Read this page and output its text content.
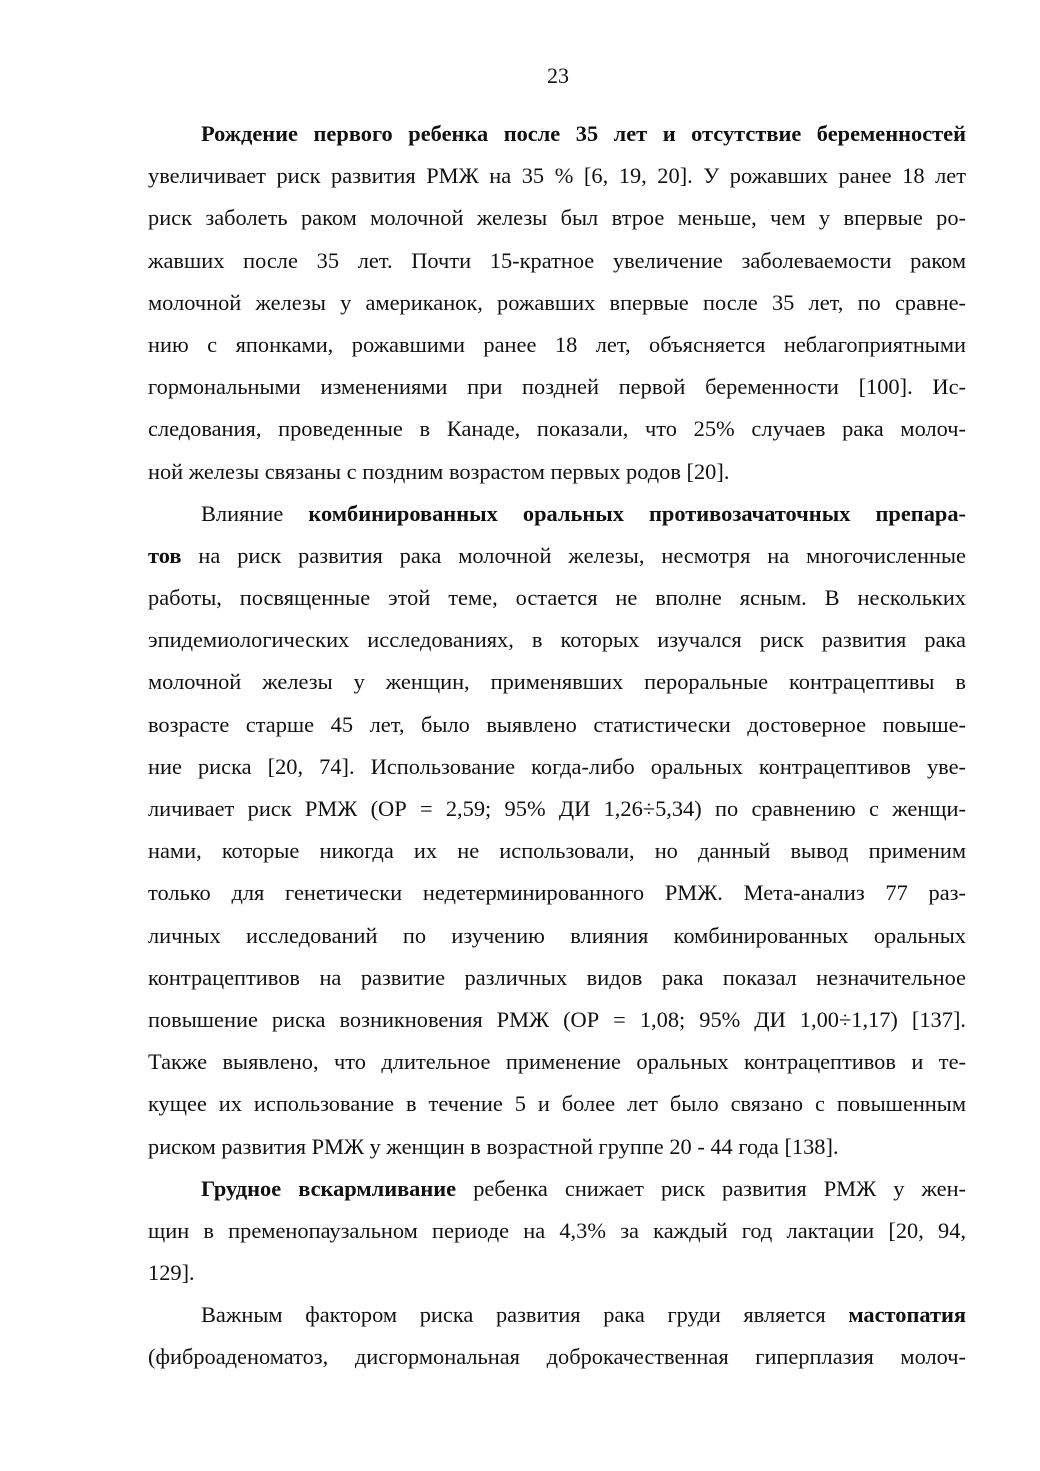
23
Рождение первого ребенка после 35 лет и отсутствие беременностей
увеличивает риск развития РМЖ на 35 % [6, 19, 20]. У рожавших ранее 18 лет
риск заболеть раком молочной железы был втрое меньше, чем у впервые ро-
жавших после 35 лет. Почти 15-кратное увеличение заболеваемости раком
молочной железы у американок, рожавших впервые после 35 лет, по сравне-
нию с японками, рожавшими ранее 18 лет, объясняется неблагоприятными
гормональными изменениями при поздней первой беременности [100]. Ис-
следования, проведенные в Канаде, показали, что 25% случаев рака молоч-
ной железы связаны с поздним возрастом первых родов [20].
Влияние комбинированных оральных противозачаточных препара-
тов на риск развития рака молочной железы, несмотря на многочисленные
работы, посвященные этой теме, остается не вполне ясным. В нескольких
эпидемиологических исследованиях, в которых изучался риск развития рака
молочной железы у женщин, применявших пероральные контрацептивы в
возрасте старше 45 лет, было выявлено статистически достоверное повыше-
ние риска [20, 74]. Использование когда-либо оральных контрацептивов уве-
личивает риск РМЖ (ОР = 2,59; 95% ДИ 1,26÷5,34) по сравнению с женщи-
нами, которые никогда их не использовали, но данный вывод применим
только для генетически недетерминированного РМЖ. Мета-анализ 77 раз-
личных исследований по изучению влияния комбинированных оральных
контрацептивов на развитие различных видов рака показал незначительное
повышение риска возникновения РМЖ (ОР = 1,08; 95% ДИ 1,00÷1,17) [137].
Также выявлено, что длительное применение оральных контрацептивов и те-
кущее их использование в течение 5 и более лет было связано с повышенным
риском развития РМЖ у женщин в возрастной группе 20 - 44 года [138].
Грудное вскармливание ребенка снижает риск развития РМЖ у жен-
щин в пременопаузальном периоде на 4,3% за каждый год лактации [20, 94,
129].
Важным фактором риска развития рака груди является мастопатия
(фиброаденоматоз, дисгормональная доброкачественная гиперплазия молоч-
